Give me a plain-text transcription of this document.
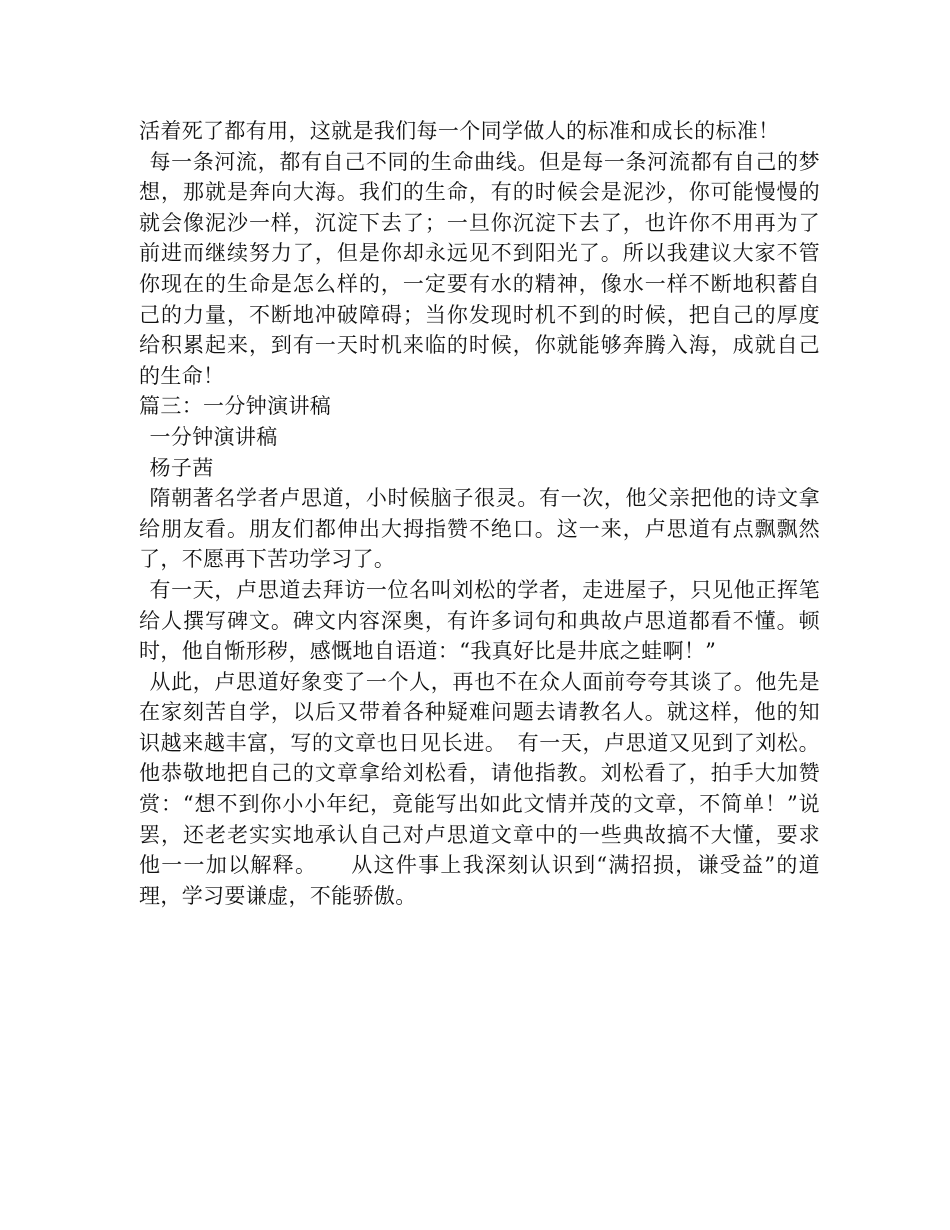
活着死了都有用，这就是我们每一个同学做人的标准和成长的标准！

每一条河流，都有自己不同的生命曲线。但是每一条河流都有自己的梦想，那就是奔向大海。我们的生命，有的时候会是泥沙，你可能慢慢的就会像泥沙一样，沉淀下去了；一旦你沉淀下去了，也许你不用再为了前进而继续努力了，但是你却永远见不到阳光了。所以我建议大家不管你现在的生命是怎么样的，一定要有水的精神，像水一样不断地积蓄自己的力量，不断地冲破障碍；当你发现时机不到的时候，把自己的厚度给积累起来，到有一天时机来临的时候，你就能够奔腾入海，成就自己的生命！

篇三：一分钟演讲稿

一分钟演讲稿

杨子茜

隋朝著名学者卢思道，小时候脑子很灵。有一次，他父亲把他的诗文拿给朋友看。朋友们都伸出大拇指赞不绝口。这一来，卢思道有点飘飘然了，不愿再下苦功学习了。

有一天，卢思道去拜访一位名叫刘松的学者，走进屋子，只见他正挥笔给人撰写碑文。碑文内容深奥，有许多词句和典故卢思道都看不懂。顿时，他自惭形秽，感慨地自语道：“我真好比是井底之蛙啊！”

从此，卢思道好象变了一个人，再也不在众人面前夸夸其谈了。他先是在家刻苦自学，以后又带着各种疑难问题去请教名人。就这样，他的知识越来越丰富，写的文章也日见长进。　有一天，卢思道又见到了刘松。他恭敬地把自己的文章拿给刘松看，请他指教。刘松看了，拍手大加赞赏：“想不到你小小年纪，竟能写出如此文情并茂的文章，不简单！”说罢，还老老实实地承认自己对卢思道文章中的一些典故搞不大懂，要求他一一加以解释。　　从这件事上我深刻认识到“满招损，谦受益”的道理，学习要谦虚，不能骄傲。
